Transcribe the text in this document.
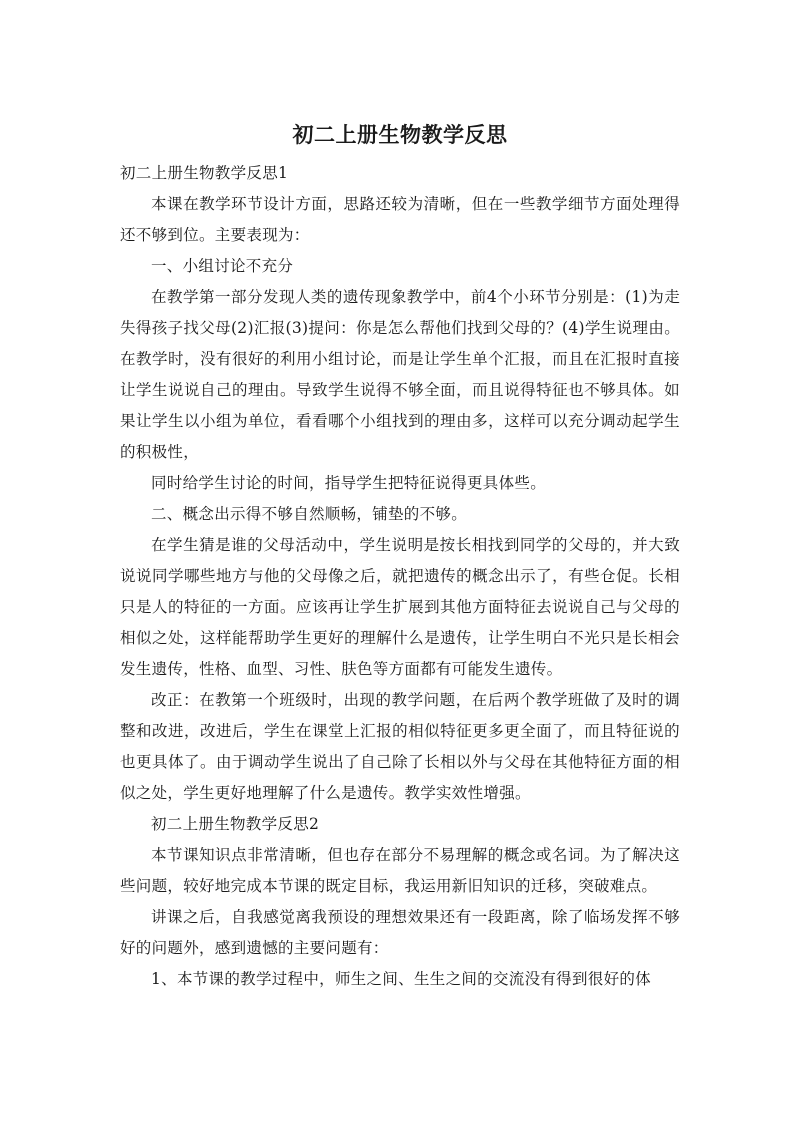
初二上册生物教学反思

初二上册生物教学反思1

本课在教学环节设计方面，思路还较为清晰，但在一些教学细节方面处理得还不够到位。主要表现为：

一、小组讨论不充分

在教学第一部分发现人类的遗传现象教学中，前4个小环节分别是：(1)为走失得孩子找父母(2)汇报(3)提问：你是怎么帮他们找到父母的？(4)学生说理由。在教学时，没有很好的利用小组讨论，而是让学生单个汇报，而且在汇报时直接让学生说说自己的理由。导致学生说得不够全面，而且说得特征也不够具体。如果让学生以小组为单位，看看哪个小组找到的理由多，这样可以充分调动起学生的积极性，

同时给学生讨论的时间，指导学生把特征说得更具体些。

二、概念出示得不够自然顺畅，铺垫的不够。

在学生猜是谁的父母活动中，学生说明是按长相找到同学的父母的，并大致说说同学哪些地方与他的父母像之后，就把遗传的概念出示了，有些仓促。长相只是人的特征的一方面。应该再让学生扩展到其他方面特征去说说自己与父母的相似之处，这样能帮助学生更好的理解什么是遗传，让学生明白不光只是长相会发生遗传，性格、血型、习性、肤色等方面都有可能发生遗传。

改正：在教第一个班级时，出现的教学问题，在后两个教学班做了及时的调整和改进，改进后，学生在课堂上汇报的相似特征更多更全面了，而且特征说的也更具体了。由于调动学生说出了自己除了长相以外与父母在其他特征方面的相似之处，学生更好地理解了什么是遗传。教学实效性增强。

初二上册生物教学反思2

本节课知识点非常清晰，但也存在部分不易理解的概念或名词。为了解决这些问题，较好地完成本节课的既定目标，我运用新旧知识的迁移，突破难点。

讲课之后，自我感觉离我预设的理想效果还有一段距离，除了临场发挥不够好的问题外，感到遗憾的主要问题有：

1、本节课的教学过程中，师生之间、生生之间的交流没有得到很好的体
